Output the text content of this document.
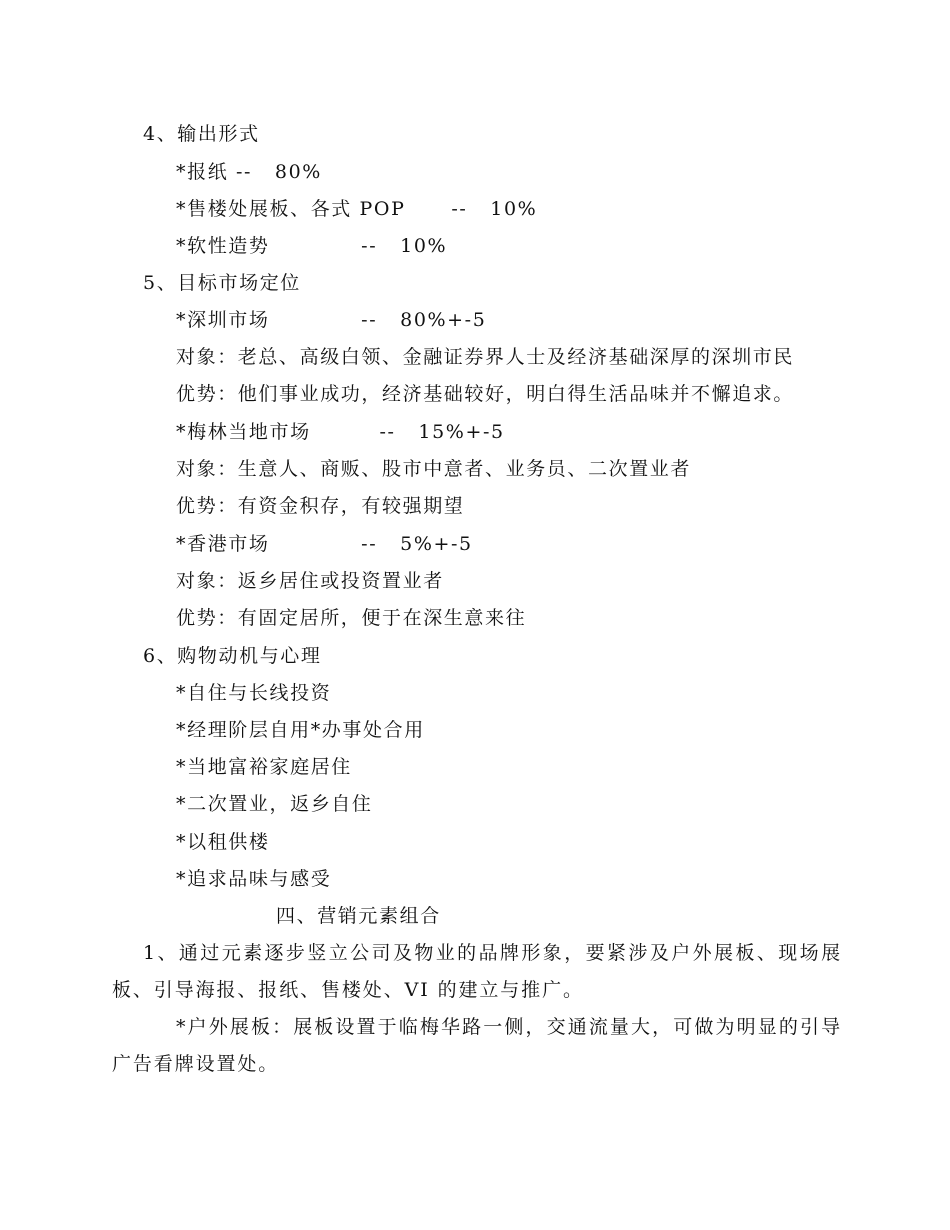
4、输出形式
*报纸 --   80%
*售楼处展板、各式 POP      --   10%
*软性造势            --   10%
5、目标市场定位
*深圳市场            --   80%+-5
对象：老总、高级白领、金融证券界人士及经济基础深厚的深圳市民
优势：他们事业成功，经济基础较好，明白得生活品味并不懈追求。
*梅林当地市场         --   15%+-5
对象：生意人、商贩、股市中意者、业务员、二次置业者
优势：有资金积存，有较强期望
*香港市场            --   5%+-5
对象：返乡居住或投资置业者
优势：有固定居所，便于在深生意来往
6、购物动机与心理
*自住与长线投资
*经理阶层自用*办事处合用
*当地富裕家庭居住
*二次置业，返乡自住
*以租供楼
*追求品味与感受
四、营销元素组合
1、通过元素逐步竖立公司及物业的品牌形象，要紧涉及户外展板、现场展板、引导海报、报纸、售楼处、VI 的建立与推广。
*户外展板：展板设置于临梅华路一侧，交通流量大，可做为明显的引导广告看牌设置处。
